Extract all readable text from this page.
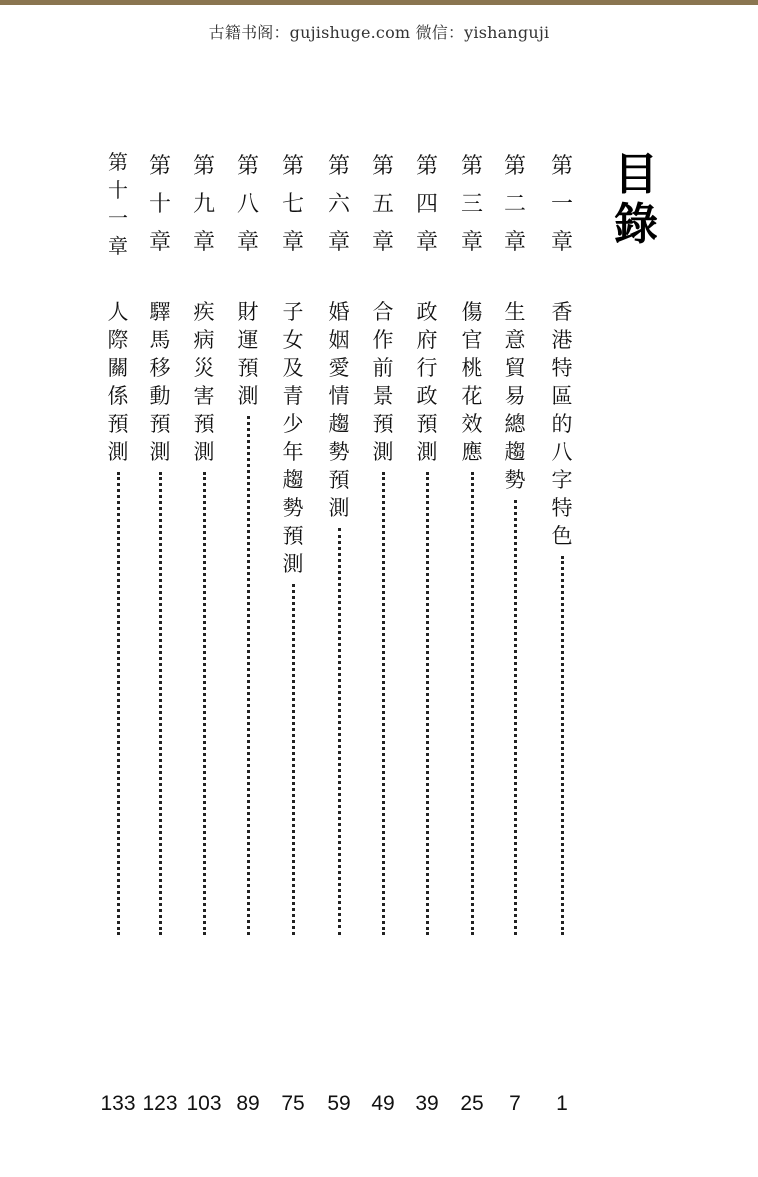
古籍书阁：gujishuge.com 微信：yishanguji
目
錄
第
一
章
香
港
特
區
的
八
字
特
色
1
第
二
章
生
意
貿
易
總
趨
勢
7
第
三
章
傷
官
桃
花
效
應
25
第
四
章
政
府
行
政
預
測
39
第
五
章
合
作
前
景
預
測
49
第
六
章
婚
姻
愛
情
趨
勢
預
測
59
第
七
章
子
女
及
青
少
年
趨
勢
預
測
75
第
八
章
財
運
預
測
89
第
九
章
疾
病
災
害
預
測
103
第
十
章
驛
馬
移
動
預
測
123
第
十
一
章
人
際
關
係
預
測
133
